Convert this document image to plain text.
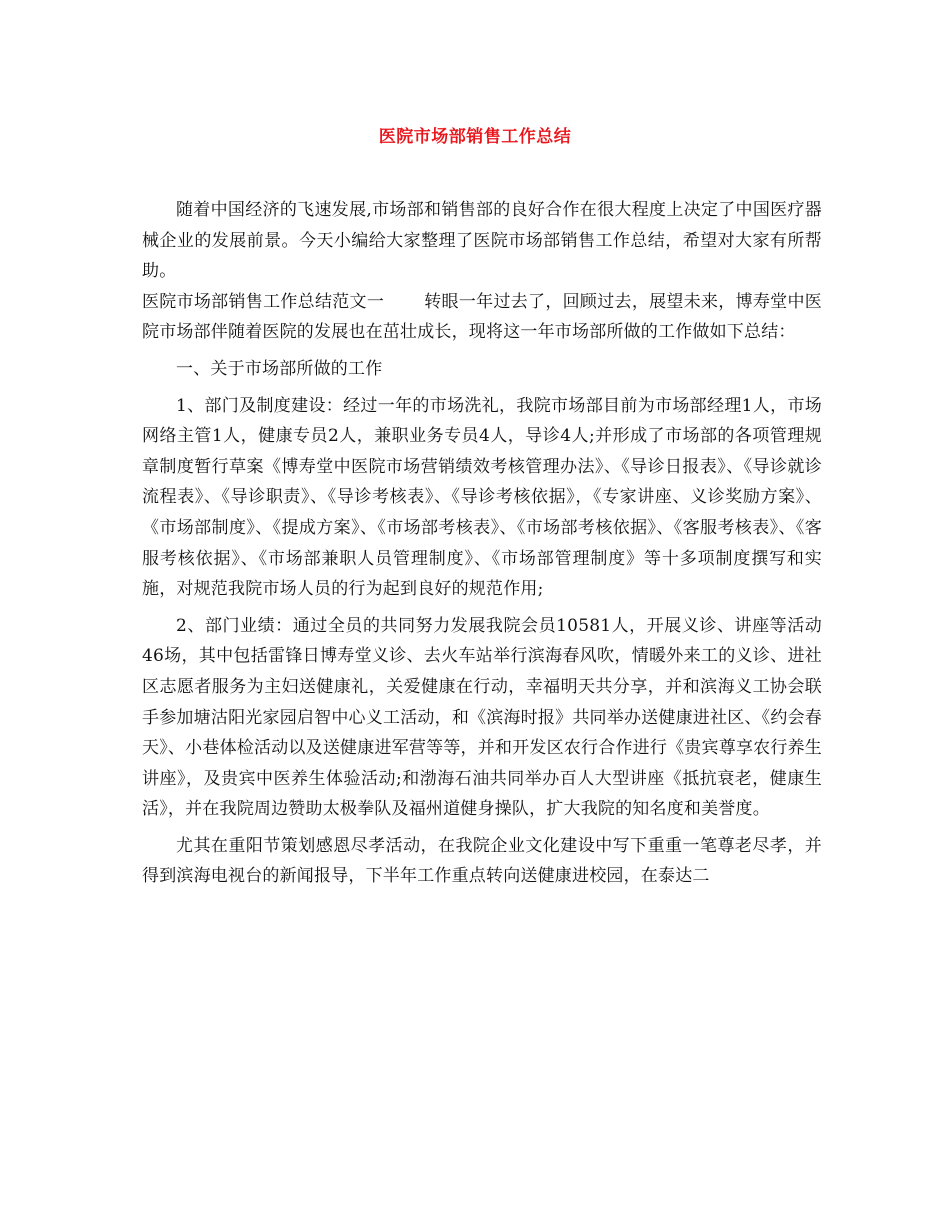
医院市场部销售工作总结

随着中国经济的飞速发展,市场部和销售部的良好合作在很大程度上决定了中国医疗器械企业的发展前景。今天小编给大家整理了医院市场部销售工作总结，希望对大家有所帮助。

医院市场部销售工作总结范文一 转眼一年过去了，回顾过去，展望未来，博寿堂中医院市场部伴随着医院的发展也在茁壮成长，现将这一年市场部所做的工作做如下总结：

一、关于市场部所做的工作

1、部门及制度建设：经过一年的市场洗礼，我院市场部目前为市场部经理1人，市场网络主管1人，健康专员2人，兼职业务专员4人，导诊4人;并形成了市场部的各项管理规章制度暂行草案《博寿堂中医院市场营销绩效考核管理办法》、《导诊日报表》、《导诊就诊流程表》、《导诊职责》、《导诊考核表》、《导诊考核依据》，《专家讲座、义诊奖励方案》、《市场部制度》、《提成方案》、《市场部考核表》、《市场部考核依据》、《客服考核表》、《客服考核依据》、《市场部兼职人员管理制度》、《市场部管理制度》等十多项制度撰写和实施，对规范我院市场人员的行为起到良好的规范作用;

2、部门业绩：通过全员的共同努力发展我院会员10581人，开展义诊、讲座等活动46场，其中包括雷锋日博寿堂义诊、去火车站举行滨海春风吹，情暖外来工的义诊、进社区志愿者服务为主妇送健康礼，关爱健康在行动，幸福明天共分享，并和滨海义工协会联手参加塘沽阳光家园启智中心义工活动，和《滨海时报》共同举办送健康进社区、《约会春天》、小巷体检活动以及送健康进军营等等，并和开发区农行合作进行《贵宾尊享农行养生讲座》，及贵宾中医养生体验活动;和渤海石油共同举办百人大型讲座《抵抗衰老，健康生活》，并在我院周边赞助太极拳队及福州道健身操队，扩大我院的知名度和美誉度。

尤其在重阳节策划感恩尽孝活动，在我院企业文化建设中写下重重一笔尊老尽孝，并得到滨海电视台的新闻报导，下半年工作重点转向送健康进校园，在泰达二
